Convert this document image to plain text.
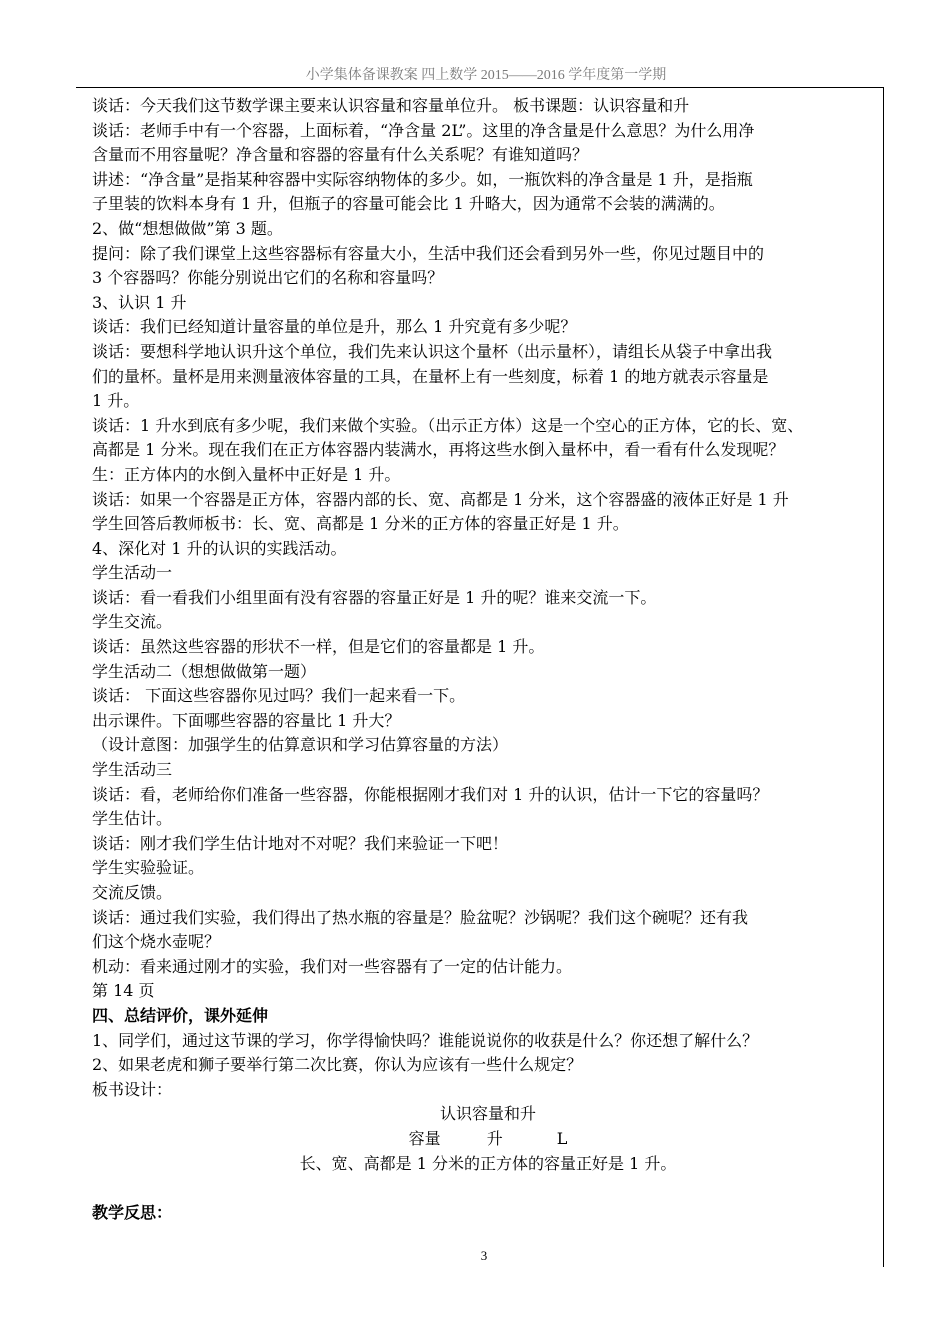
小学集体备课教案 四上数学 2015——2016 学年度第一学期

谈话：今天我们这节数学课主要来认识容量和容量单位升。 板书课题：认识容量和升

谈话：老师手中有一个容器，上面标着，“净含量 2L”。这里的净含量是什么意思？为什么用净

含量而不用容量呢？净含量和容器的容量有什么关系呢？有谁知道吗？

讲述：“净含量”是指某种容器中实际容纳物体的多少。如，一瓶饮料的净含量是 1 升，是指瓶

子里装的饮料本身有 1 升，但瓶子的容量可能会比 1 升略大，因为通常不会装的满满的。

2、做“想想做做”第 3 题。

提问：除了我们课堂上这些容器标有容量大小，生活中我们还会看到另外一些，你见过题目中的

3 个容器吗？你能分别说出它们的名称和容量吗？

3、认识 1 升

谈话：我们已经知道计量容量的单位是升，那么 1 升究竟有多少呢？

谈话：要想科学地认识升这个单位，我们先来认识这个量杯（出示量杯），请组长从袋子中拿出我

们的量杯。量杯是用来测量液体容量的工具，在量杯上有一些刻度，标着 1 的地方就表示容量是

1 升。

谈话：1 升水到底有多少呢，我们来做个实验。（出示正方体）这是一个空心的正方体，它的长、宽、

高都是 1 分米。现在我们在正方体容器内装满水，再将这些水倒入量杯中，看一看有什么发现呢？

生：正方体内的水倒入量杯中正好是 1 升。

谈话：如果一个容器是正方体，容器内部的长、宽、高都是 1 分米，这个容器盛的液体正好是 1 升

学生回答后教师板书：长、宽、高都是 1 分米的正方体的容量正好是 1 升。

4、深化对 1 升的认识的实践活动。

学生活动一

谈话：看一看我们小组里面有没有容器的容量正好是 1 升的呢？谁来交流一下。

学生交流。

谈话：虽然这些容器的形状不一样，但是它们的容量都是 1 升。

学生活动二（想想做做第一题）

谈话： 下面这些容器你见过吗？我们一起来看一下。

出示课件。下面哪些容器的容量比 1 升大？

（设计意图：加强学生的估算意识和学习估算容量的方法）

学生活动三

谈话：看，老师给你们准备一些容器，你能根据刚才我们对 1 升的认识，估计一下它的容量吗？

学生估计。

谈话：刚才我们学生估计地对不对呢？我们来验证一下吧！

学生实验验证。

交流反馈。

谈话：通过我们实验，我们得出了热水瓶的容量是？脸盆呢？沙锅呢？我们这个碗呢？还有我

们这个烧水壶呢？

机动：看来通过刚才的实验，我们对一些容器有了一定的估计能力。

第 14 页

四、总结评价，课外延伸

1、同学们，通过这节课的学习，你学得愉快吗？谁能说说你的收获是什么？你还想了解什么？

2、如果老虎和狮子要举行第二次比赛，你认为应该有一些什么规定？

板书设计：

认识容量和升

容量	升	L

长、宽、高都是 1 分米的正方体的容量正好是 1 升。

教学反思：

3
